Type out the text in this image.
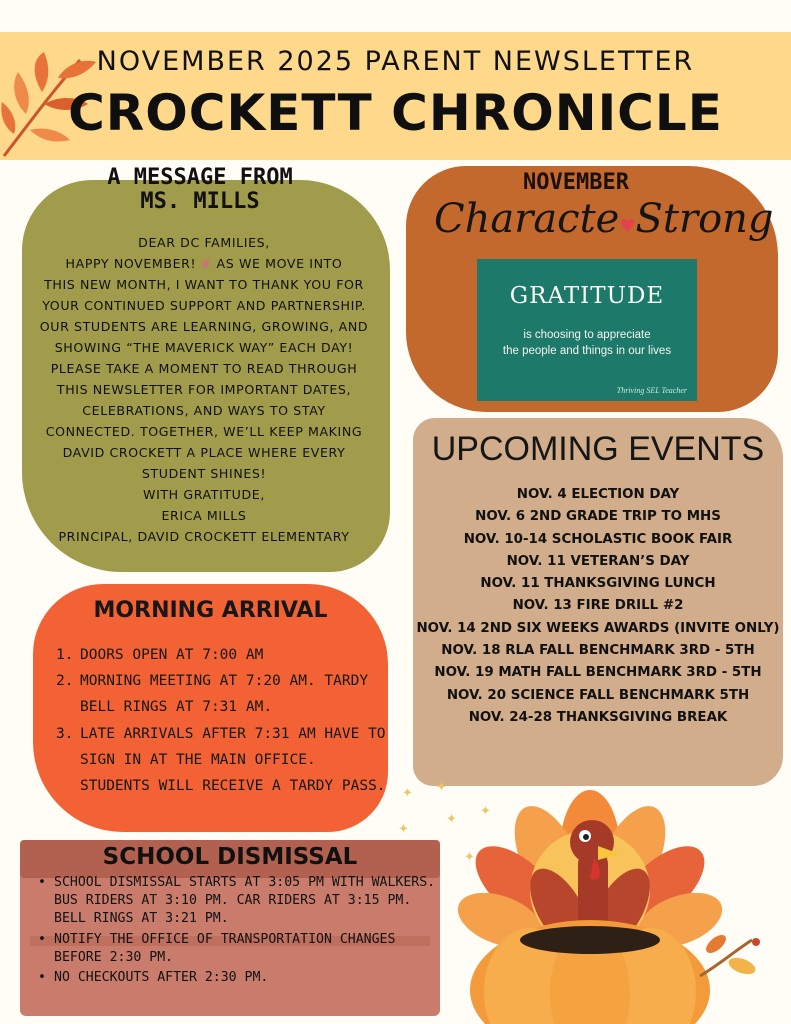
NOVEMBER 2025 PARENT NEWSLETTER
CROCKETT CHRONICLE
A MESSAGE FROM MS. MILLS
DEAR DC FAMILIES,
HAPPY NOVEMBER! ❦ AS WE MOVE INTO
THIS NEW MONTH, I WANT TO THANK YOU FOR
YOUR CONTINUED SUPPORT AND PARTNERSHIP.
OUR STUDENTS ARE LEARNING, GROWING, AND
SHOWING “THE MAVERICK WAY” EACH DAY!
PLEASE TAKE A MOMENT TO READ THROUGH
THIS NEWSLETTER FOR IMPORTANT DATES,
CELEBRATIONS, AND WAYS TO STAY
CONNECTED. TOGETHER, WE’LL KEEP MAKING
DAVID CROCKETT A PLACE WHERE EVERY
STUDENT SHINES!
WITH GRATITUDE,
ERICA MILLS
PRINCIPAL, DAVID CROCKETT ELEMENTARY
NOVEMBER
Characte♥Strong
GRATITUDE
is choosing to appreciate
the people and things in our lives
Thriving SEL Teacher
UPCOMING EVENTS
NOV. 4 ELECTION DAY
NOV. 6 2ND GRADE TRIP TO MHS
NOV. 10-14 SCHOLASTIC BOOK FAIR
NOV. 11 VETERAN’S DAY
NOV. 11 THANKSGIVING LUNCH
NOV. 13 FIRE DRILL #2
NOV. 14 2ND SIX WEEKS AWARDS (INVITE ONLY)
NOV. 18 RLA FALL BENCHMARK 3RD - 5TH
NOV. 19 MATH FALL BENCHMARK 3RD - 5TH
NOV. 20 SCIENCE FALL BENCHMARK 5TH
NOV. 24-28 THANKSGIVING BREAK
MORNING ARRIVAL
1. DOORS OPEN AT 7:00 AM
2. MORNING MEETING AT 7:20 AM. TARDY BELL RINGS AT 7:31 AM.
3. LATE ARRIVALS AFTER 7:31 AM HAVE TO SIGN IN AT THE MAIN OFFICE. STUDENTS WILL RECEIVE A TARDY PASS.
SCHOOL DISMISSAL
• SCHOOL DISMISSAL STARTS AT 3:05 PM WITH WALKERS. BUS RIDERS AT 3:10 PM. CAR RIDERS AT 3:15 PM. BELL RINGS AT 3:21 PM.
• NOTIFY THE OFFICE OF TRANSPORTATION CHANGES BEFORE 2:30 PM.
• NO CHECKOUTS AFTER 2:30 PM.
✦ ✦
✦
✦
✦
✦
